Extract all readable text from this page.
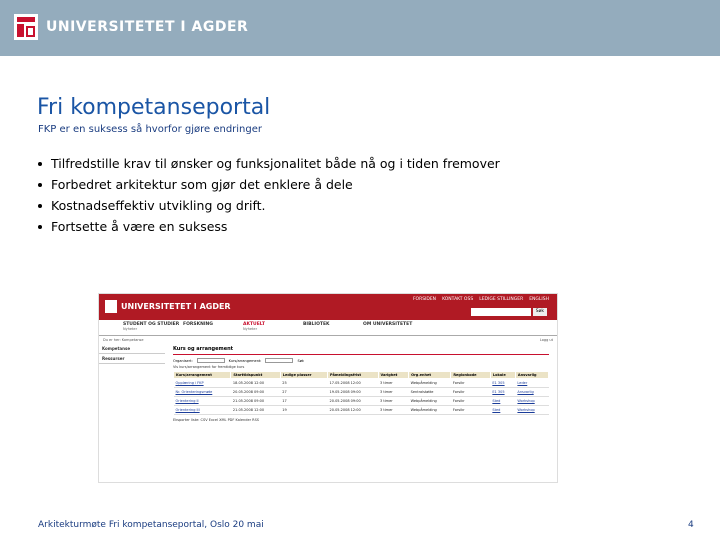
UNIVERSITETET I AGDER
Fri kompetanseportal
FKP er en suksess så hvorfor gjøre endringer
Tilfredstille krav til ønsker og funksjonalitet både nå og i tiden fremover
Forbedret arkitektur som gjør det enklere å dele
Kostnadseffektiv utvikling og drift.
Fortsette å være en suksess
UNIVERSITETET I AGDER
FORSIDEN KONTAKT OSS LEDIGE STILLINGER ENGLISH
Søk
STUDENT OG STUDIER
Nyheter
FORSKNING	AKTUELT
Nyheter
BIBLIOTEK	OM UNIVERSITETET
Du er her: Kompetanse	Logg ut
Kompetanse
Ressurser
Kurs og arrangement
Organisert:	Kurs/arrangement:	Søk
Vis kurs/arrangement for fremtidige kurs
Kurs/arrangement	Starttidspunkt	Ledige plasser	Påmeldingsfrist	Varighet	Org.enhet	Regionkode	Lokale	Ansvarlig
Opplæring i FKP	18.05.2008 12:00	25	17.05.2008 12:00	3 timer	Webpåmelding	Forsikr	E1 305	Leder
Nr. Orienteringsmøte	20.05.2008 09:00	27	19.05.2008 09:00	3 timer	Sentralstøtte	Forsikr	E1 305	Ansvarlig
Orientering II	21.05.2008 09:00	17	20.05.2008 09:00	3 timer	Webpåmelding	Forsikr	Sted	Workshop
Orientering III	21.05.2008 12:00	19	20.05.2008 12:00	3 timer	Webpåmelding	Forsikr	Sted	Workshop
Eksporter liste: CSV Excel XML PDF Kalender RSS
Arkitekturmøte Fri kompetanseportal, Oslo 20 mai	4
